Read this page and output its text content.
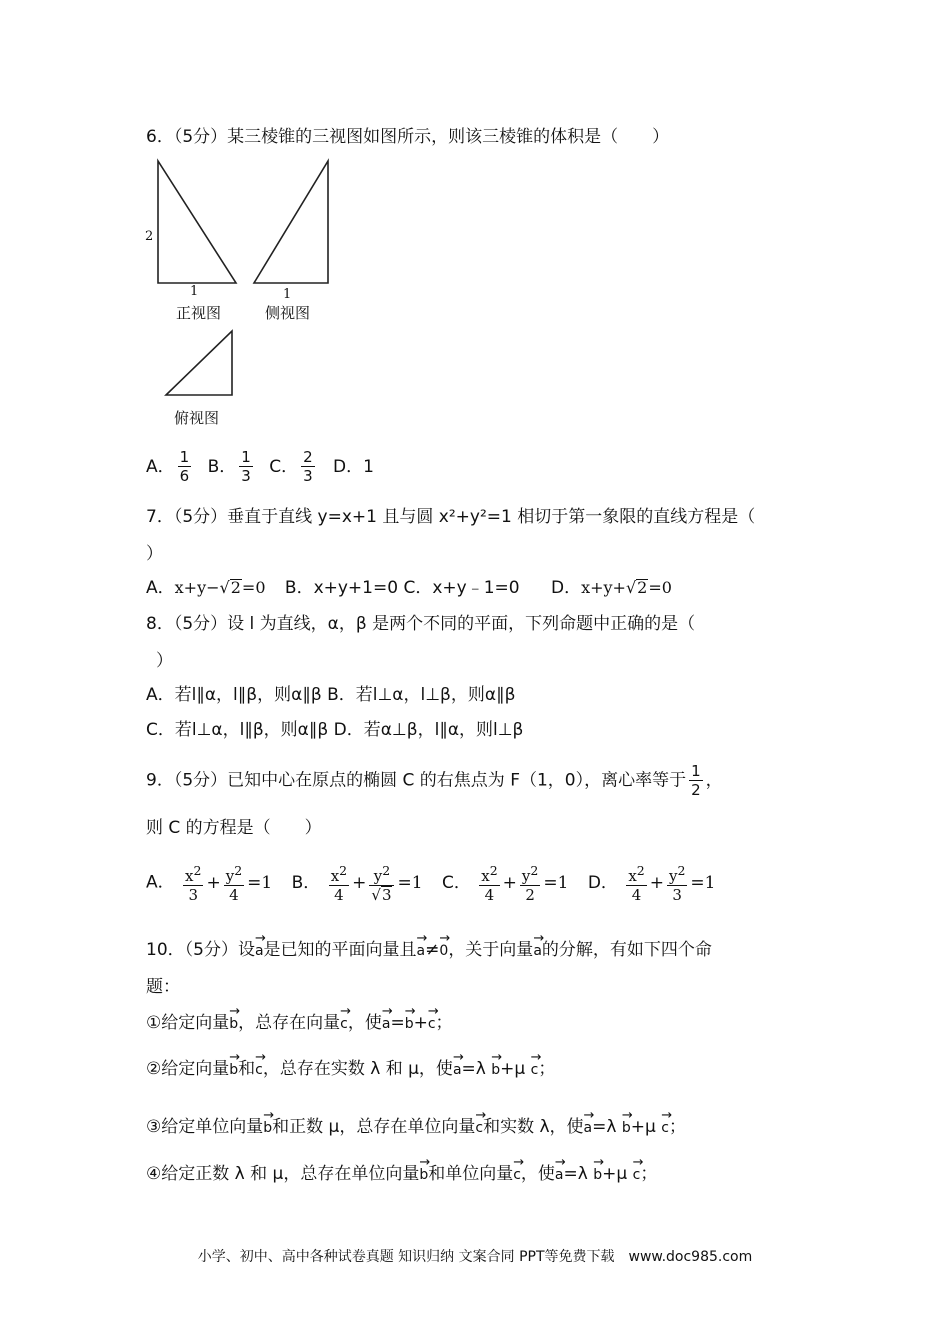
6．（5分）某三棱锥的三视图如图所示，则该三棱锥的体积是（　　）
2
1	1
正视图	侧视图
俯视图
A． $\frac{1}{6}$ B． $\frac{1}{3}$ C． $\frac{2}{3}$ D．1
7．（5分）垂直于直线 y=x+1 且与圆 x²+y²=1 相切于第一象限的直线方程是（
）
A．x+y−√2=0 B．x+y+1=0 C．x+y﹣1=0 D．x+y+√2=0
8．（5分）设 l 为直线，α，β 是两个不同的平面，下列命题中正确的是（
）
A．若l∥α，l∥β，则α∥β B．若l⊥α，l⊥β，则α∥β
C．若l⊥α，l∥β，则α∥β D．若α⊥β，l∥α，则l⊥β
9．（5分）已知中心在原点的椭圆 C 的右焦点为 F（1，0），离心率等于 $\frac{1}{2}$ ，
则 C 的方程是（　　）
A． $\frac{x^2}{3} + \frac{y^2}{4} =1$ B． $\frac{x^2}{4} + \frac{y^2}{√3} =1$ C． $\frac{x^2}{4} + \frac{y^2}{2} =1$ D． $\frac{x^2}{4} + \frac{y^2}{3} =1$
10．（5分）设→ a是已知的平面向量且→ a≠→ 0，关于向量→ a的分解，有如下四个命
题：
①给定向量→ b，总存在向量→ c，使→ a=→ b+→ c；
②给定向量→ b和→ c，总存在实数 λ 和 μ，使→ a=λ → b+μ → c；
③给定单位向量→ b和正数 μ，总存在单位向量→ c和实数 λ，使→ a=λ → b+μ → c；
④给定正数 λ 和 μ，总存在单位向量→ b和单位向量→ c，使→ a=λ → b+μ → c；
小学、初中、高中各种试卷真题 知识归纳 文案合同 PPT等免费下载　www.doc985.com
